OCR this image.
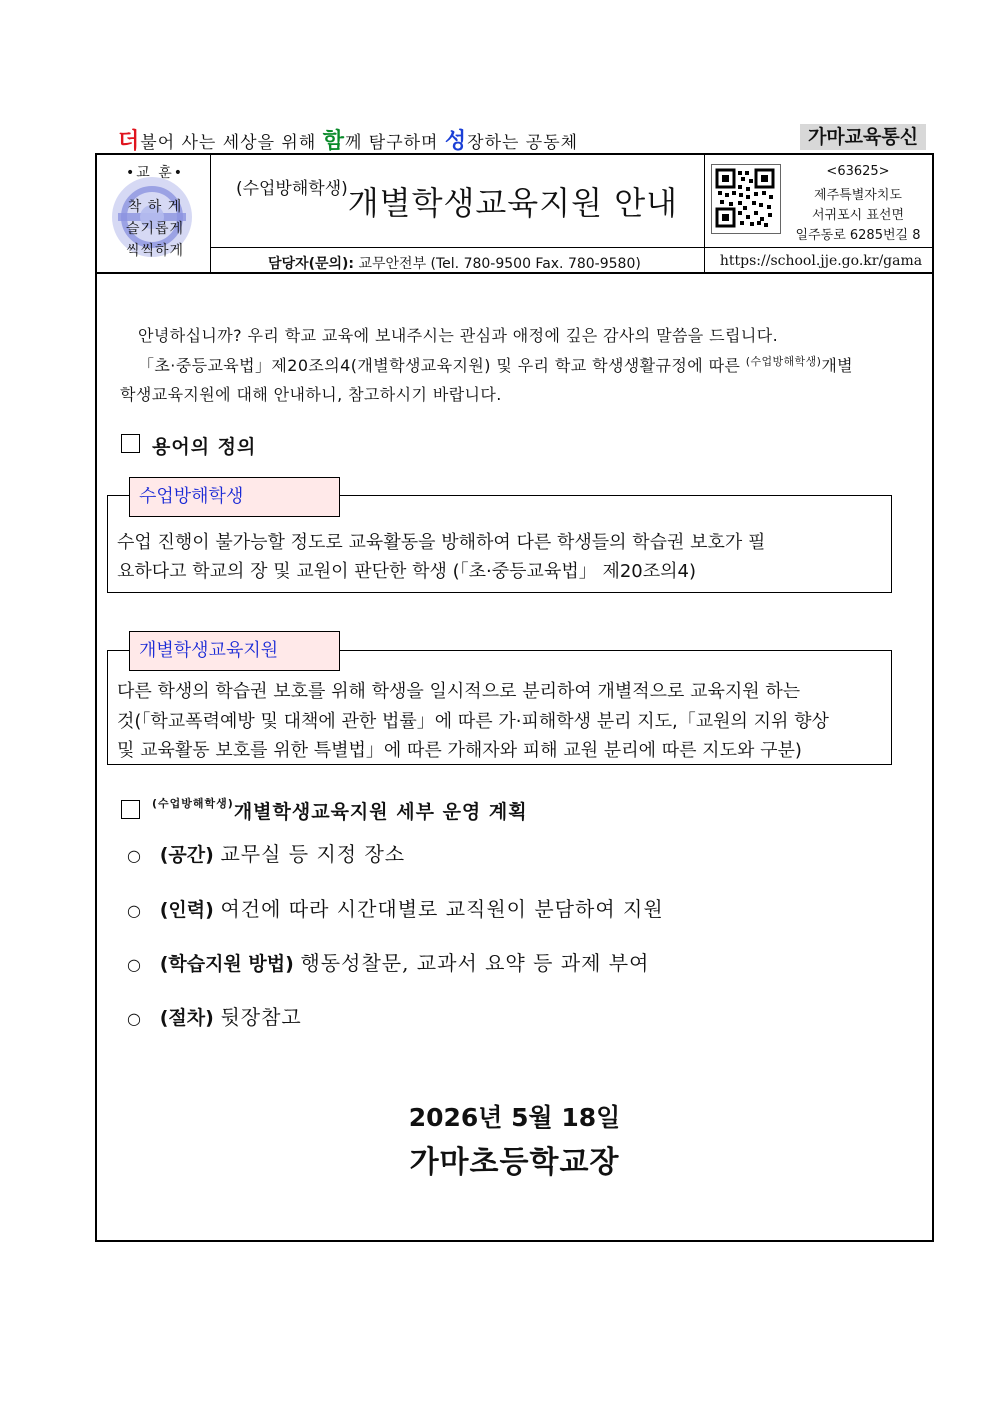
더불어 사는 세상을 위해 함께 탐구하며 성장하는 공동체	가마교육통신
•교 훈•
착 하 게
슬기롭게
씩씩하게
(수업방해학생)개별학생교육지원 안내
담당자(문의): 교무안전부 (Tel. 780-9500 Fax. 780-9580)
<63625>
제주특별자치도
서귀포시 표선면
일주동로 6285번길 8
https://school.jje.go.kr/gama
안녕하십니까? 우리 학교 교육에 보내주시는 관심과 애정에 깊은 감사의 말씀을 드립니다.
「초·중등교육법」제20조의4(개별학생교육지원) 및 우리 학교 학생생활규정에 따른 $^{(수업방해학생)}$개별
학생교육지원에 대해 안내하니, 참고하시기 바랍니다.
용어의 정의
수업방해학생
수업 진행이 불가능할 정도로 교육활동을 방해하여 다른 학생들의 학습권 보호가 필
요하다고 학교의 장 및 교원이 판단한 학생 (「초·중등교육법」 제20조의4)
개별학생교육지원
다른 학생의 학습권 보호를 위해 학생을 일시적으로 분리하여 개별적으로 교육지원 하는
것(「학교폭력예방 및 대책에 관한 법률」에 따른 가·피해학생 분리 지도,「교원의 지위 향상
및 교육활동 보호를 위한 특별법」에 따른 가해자와 피해 교원 분리에 따른 지도와 구분)
$^{(수업방해학생)}$개별학생교육지원 세부 운영 계획
○ (공간) 교무실 등 지정 장소
○ (인력) 여건에 따라 시간대별로 교직원이 분담하여 지원
○ (학습지원 방법) 행동성찰문, 교과서 요약 등 과제 부여
○ (절차) 뒷장참고
2026년 5월 18일
가마초등학교장
